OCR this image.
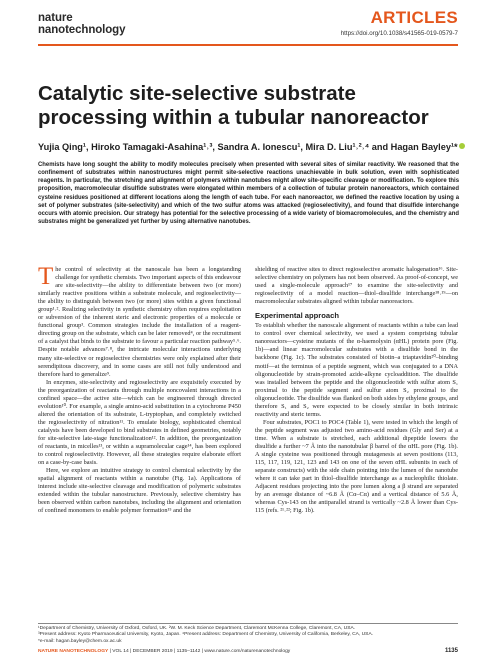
nature
nanotechnology
ARTICLES
https://doi.org/10.1038/s41565-019-0579-7
Catalytic site-selective substrate processing within a tubular nanoreactor
Yujia Qing¹, Hiroko Tamagaki-Asahina¹˒³, Sandra A. Ionescu¹, Mira D. Liu¹˒²˒⁴ and Hagan Bayley¹*

Chemists have long sought the ability to modify molecules precisely when presented with several sites of similar reactivity. We reasoned that the confinement of substrates within nanostructures might permit site-selective reactions unachievable in bulk solution, even with sophisticated reagents. In particular, the stretching and alignment of polymers within nanotubes might allow site-specific cleavage or modification. To explore this proposition, macromolecular disulfide substrates were elongated within members of a collection of tubular protein nanoreactors, which contained cysteine residues positioned at different locations along the length of each tube. For each nanoreactor, we defined the reactive location by using a set of polymer substrates (site-selectivity) and which of the two sulfur atoms was attacked (regioselectivity), and found that disulfide interchange occurs with atomic precision. Our strategy has potential for the selective processing of a wide variety of biomacromolecules, and the chemistry and substrates might be generalized yet further by using alternative nanotubes.

The control of selectivity at the nanoscale has been a longstanding challenge for synthetic chemists. Two important aspects of this endeavour are site-selectivity—the ability to differentiate between two (or more) similarly reactive positions within a substrate molecule, and regioselectivity—the ability to distinguish between two (or more) sites within a given functional group¹˒². Realizing selectivity in synthetic chemistry often requires exploitation or subversion of the inherent steric and electronic properties of a molecule or functional group³. Common strategies include the installation of a reagent-directing group on the substrate, which can be later removed⁴, or the recruitment of a catalyst that binds to the substrate to favour a particular reaction pathway⁵˒⁶. Despite notable advances⁷˒⁸, the intricate molecular interactions underlying many site-selective or regioselective chemistries were only explained after their serendipitous discovery, and in some cases are still not fully understood and therefore hard to generalize⁹.

In enzymes, site-selectivity and regioselectivity are exquisitely executed by the preorganization of reactants through multiple noncovalent interactions in a confined space—the active site—which can be engineered through directed evolution¹⁰. For example, a single amino-acid substitution in a cytochrome P450 altered the orientation of its substrate, L-tryptophan, and completely switched the regioselectivity of nitration¹¹. To emulate biology, sophisticated chemical catalysts have been developed to bind substrates in defined geometries, notably for site-selective late-stage functionalization¹². In addition, the preorganization of reactants, in micelles¹³, or within a supramolecular cage¹⁴, has been explored to control regioselectivity. However, all these strategies require elaborate effort on a case-by-case basis.

Here, we explore an intuitive strategy to control chemical selectivity by the spatial alignment of reactants within a nanotube (Fig. 1a). Applications of interest include site-selective cleavage and modification of polymeric substrates extended within the tubular nanostructure. Previously, selective chemistry has been observed within carbon nanotubes, including the alignment and orientation of confined monomers to enable polymer formation¹⁵ and the

shielding of reactive sites to direct regioselective aromatic halogenation¹⁶. Site-selective chemistry on polymers has not been observed. As proof-of-concept, we used a single-molecule approach¹⁷ to examine the site-selectivity and regioselectivity of a model reaction—thiol–disulfide interchange¹⁸˒¹⁹—on macromolecular substrates aligned within tubular nanoreactors.

Experimental approach

To establish whether the nanoscale alignment of reactants within a tube can lead to control over chemical selectivity, we used a system comprising tubular nanoreactors—cysteine mutants of the α-haemolysin (αHL) protein pore (Fig. 1b)—and linear macromolecular substrates with a disulfide bond in the backbone (Fig. 1c). The substrates consisted of biotin–a triaptavidin²⁰–binding motif—at the terminus of a peptide segment, which was conjugated to a DNA oligonucleotide by strain-promoted azide-alkyne cycloaddition. The disulfide was installed between the peptide and the oligonucleotide with sulfur atom S₁ proximal to the peptide segment and sulfur atom S₂ proximal to the oligonucleotide. The disulfide was flanked on both sides by ethylene groups, and therefore S₁ and S₂ were expected to be closely similar in both intrinsic reactivity and steric terms.

Four substrates, POC1 to POC4 (Table 1), were tested in which the length of the peptide segment was adjusted two amino-acid residues (Gly and Ser) at a time. When a substrate is stretched, each additional dipeptide lowers the disulfide a further ~7 Å into the nanotubular β barrel of the αHL pore (Fig. 1b). A single cysteine was positioned through mutagenesis at seven positions (113, 115, 117, 119, 121, 123 and 143 on one of the seven αHL subunits in each of separate constructs) with the side chain pointing into the lumen of the nanotube where it can take part in thiol–disulfide interchange as a nucleophilic thiolate. Adjacent residues projecting into the pore lumen along a β strand are separated by an average distance of ~6.8 Å (Cα–Cα) and a vertical distance of 5.6 Å, whereas Cys-143 on the antiparallel strand is vertically ~2.8 Å lower than Cys-115 (refs. ²¹˒²²; Fig. 1b).

¹Department of Chemistry, University of Oxford, Oxford, UK. ²W. M. Keck Science Department, Claremont McKenna College, Claremont, CA, USA.
³Present address: Kyoto Pharmaceutical University, Kyoto, Japan. ⁴Present address: Department of Chemistry, University of California, Berkeley, CA, USA.
*e-mail: hagan.bayley@chem.ox.ac.uk
NATURE NANOTECHNOLOGY | VOL 14 | DECEMBER 2019 | 1135–1142 | www.nature.com/naturenanotechnology	1135
